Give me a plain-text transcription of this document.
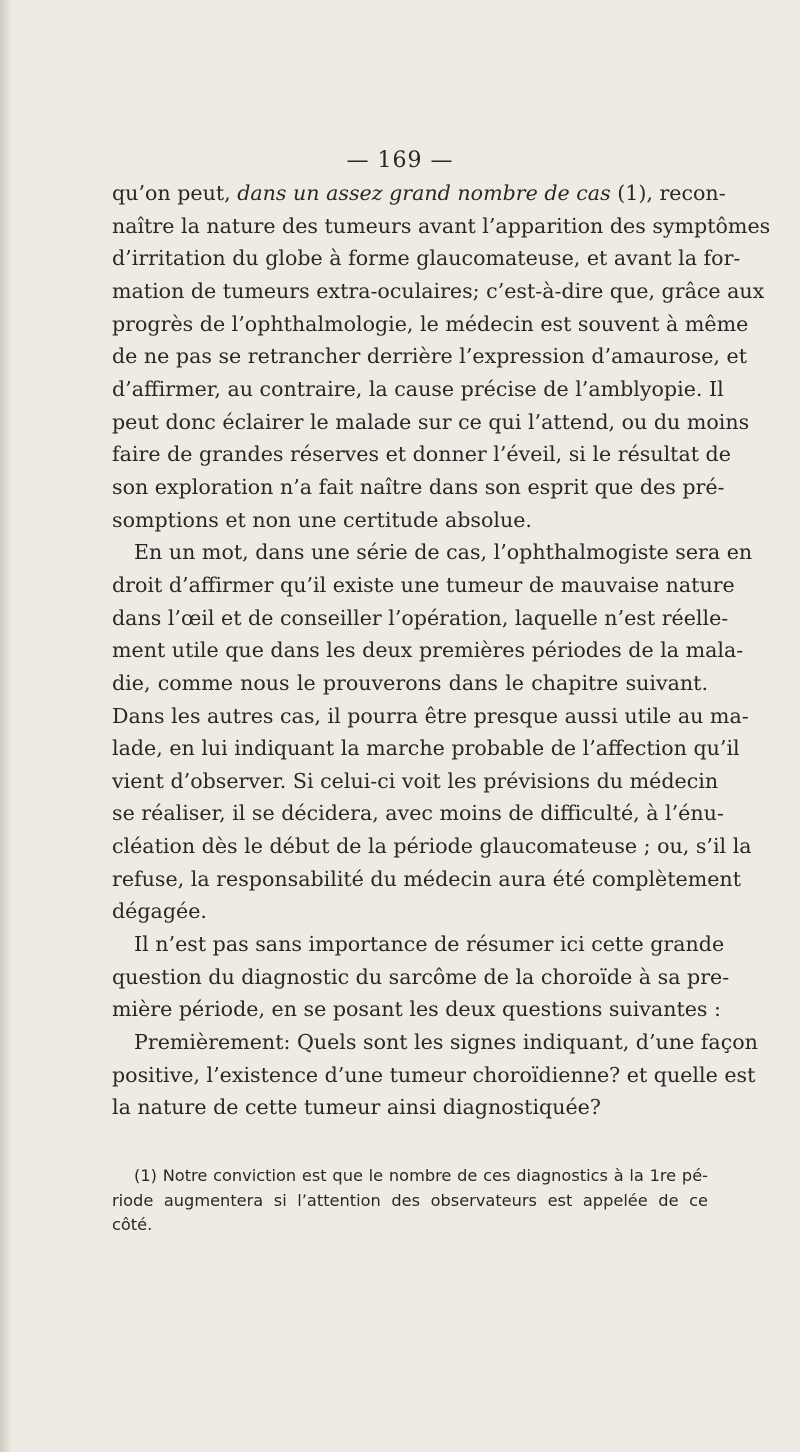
— 169 —
qu’on peut, dans un assez grand nombre de cas (1), recon-
naître la nature des tumeurs avant l’apparition des symptômes
d’irritation du globe à forme glaucomateuse, et avant la for-
mation de tumeurs extra-oculaires; c’est-à-dire que, grâce aux
progrès de l’ophthalmologie, le médecin est souvent à même
de ne pas se retrancher derrière l’expression d’amaurose, et
d’affirmer, au contraire, la cause précise de l’amblyopie. Il
peut donc éclairer le malade sur ce qui l’attend, ou du moins
faire de grandes réserves et donner l’éveil, si le résultat de
son exploration n’a fait naître dans son esprit que des pré-
somptions et non une certitude absolue.
En un mot, dans une série de cas, l’ophthalmogiste sera en
droit d’affirmer qu’il existe une tumeur de mauvaise nature
dans l’œil et de conseiller l’opération, laquelle n’est réelle-
ment utile que dans les deux premières périodes de la mala-
die, comme nous le prouverons dans le chapitre suivant.
Dans les autres cas, il pourra être presque aussi utile au ma-
lade, en lui indiquant la marche probable de l’affection qu’il
vient d’observer. Si celui-ci voit les prévisions du médecin
se réaliser, il se décidera, avec moins de difficulté, à l’énu-
cléation dès le début de la période glaucomateuse ; ou, s’il la
refuse, la responsabilité du médecin aura été complètement
dégagée.
Il n’est pas sans importance de résumer ici cette grande
question du diagnostic du sarcôme de la choroïde à sa pre-
mière période, en se posant les deux questions suivantes :
Premièrement: Quels sont les signes indiquant, d’une façon
positive, l’existence d’une tumeur choroïdienne? et quelle est
la nature de cette tumeur ainsi diagnostiquée?
(1) Notre conviction est que le nombre de ces diagnostics à la 1re pé-
riode augmentera si l’attention des observateurs est appelée de ce
côté.
